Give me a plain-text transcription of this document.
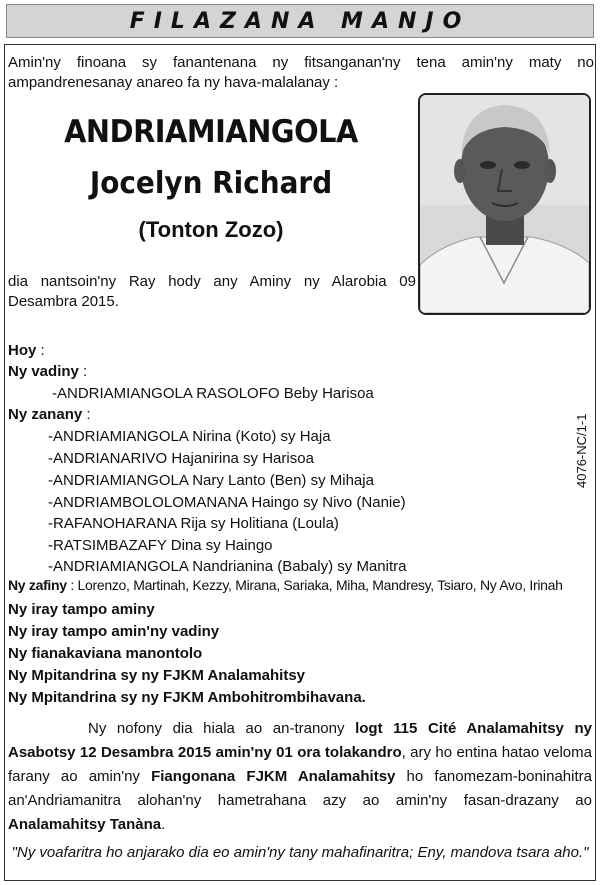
FILAZANA MANJO
Amin'ny finoana sy fanantenana ny fitsanganan'ny tena amin'ny maty no ampandrenesanay anareo fa ny hava-malalanay :
ANDRIAMIANGOLA
Jocelyn Richard
(Tonton Zozo)
dia nantsoin'ny Ray hody any Aminy ny Alarobia 09 Desambra 2015.
Hoy :
Ny vadiny :
-ANDRIAMIANGOLA RASOLOFO Beby Harisoa
Ny zanany :
-ANDRIAMIANGOLA Nirina (Koto) sy Haja
-ANDRIANARIVO Hajanirina sy Harisoa
-ANDRIAMIANGOLA Nary Lanto (Ben) sy Mihaja
-ANDRIAMBOLOLOMANANA Haingo sy Nivo (Nanie)
-RAFANOHARANA Rija sy Holitiana (Loula)
-RATSIMBAZAFY Dina sy Haingo
-ANDRIAMIANGOLA Nandrianina (Babaly) sy Manitra
Ny zafiny : Lorenzo, Martinah, Kezzy, Mirana, Sariaka, Miha, Mandresy, Tsiaro, Ny Avo, Irinah
Ny iray tampo aminy
Ny iray tampo amin'ny vadiny
Ny fianakaviana manontolo
Ny Mpitandrina sy ny FJKM Analamahitsy
Ny Mpitandrina sy ny FJKM Ambohitrombihavana.
Ny nofony dia hiala ao an-tranony logt 115 Cité Analamahitsy ny Asabotsy 12 Desambra 2015 amin'ny 01 ora tolakandro, ary ho entina hatao veloma farany ao amin'ny Fiangonana FJKM Analamahitsy ho fanomezam-boninahitra an'Andriamanitra alohan'ny hametrahana azy ao amin'ny fasan-drazany ao Analamahitsy Tanàna.
"Ny voafaritra ho anjarako dia eo amin'ny tany mahafinaritra; Eny, mandova tsara aho."
4076-NC/1-1
